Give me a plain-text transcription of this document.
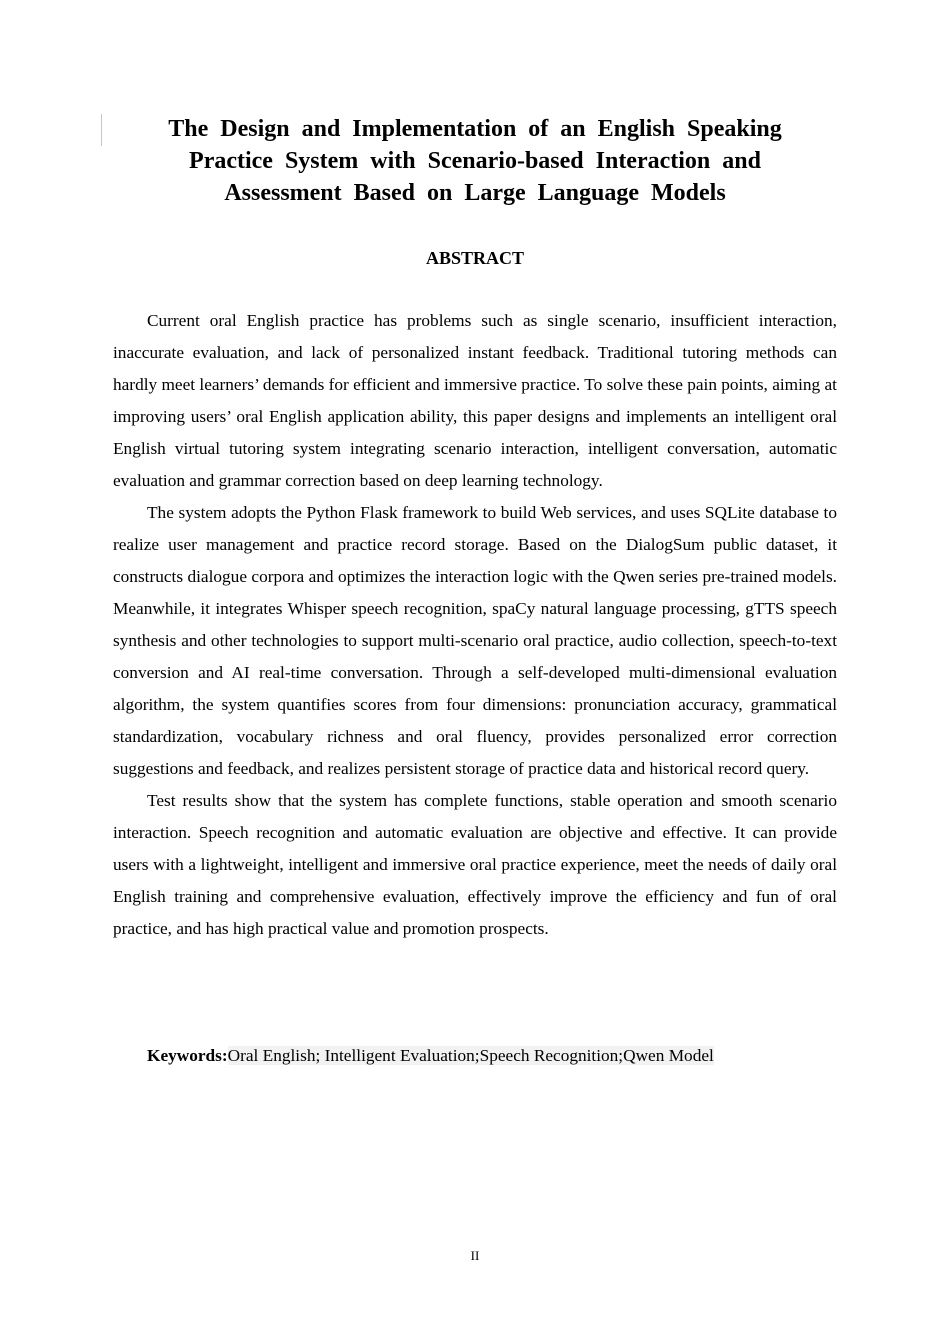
The Design and Implementation of an English Speaking
Practice System with Scenario-based Interaction and
Assessment Based on Large Language Models
ABSTRACT

Current oral English practice has problems such as single scenario, insufficient interaction, inaccurate evaluation, and lack of personalized instant feedback. Traditional tutoring methods can hardly meet learners’ demands for efficient and immersive practice. To solve these pain points, aiming at improving users’ oral English application ability, this paper designs and implements an intelligent oral English virtual tutoring system integrating scenario interaction, intelligent conversation, automatic evaluation and grammar correction based on deep learning technology.

The system adopts the Python Flask framework to build Web services, and uses SQLite database to realize user management and practice record storage. Based on the DialogSum public dataset, it constructs dialogue corpora and optimizes the interaction logic with the Qwen series pre-trained models. Meanwhile, it integrates Whisper speech recognition, spaCy natural language processing, gTTS speech synthesis and other technologies to support multi-scenario oral practice, audio collection, speech-to-text conversion and AI real-time conversation. Through a self-developed multi-dimensional evaluation algorithm, the system quantifies scores from four dimensions: pronunciation accuracy, grammatical standardization, vocabulary richness and oral fluency, provides personalized error correction suggestions and feedback, and realizes persistent storage of practice data and historical record query.

Test results show that the system has complete functions, stable operation and smooth scenario interaction. Speech recognition and automatic evaluation are objective and effective. It can provide users with a lightweight, intelligent and immersive oral practice experience, meet the needs of daily oral English training and comprehensive evaluation, effectively improve the efficiency and fun of oral practice, and has high practical value and promotion prospects.

Keywords:Oral English; Intelligent Evaluation;Speech Recognition;Qwen Model

II
